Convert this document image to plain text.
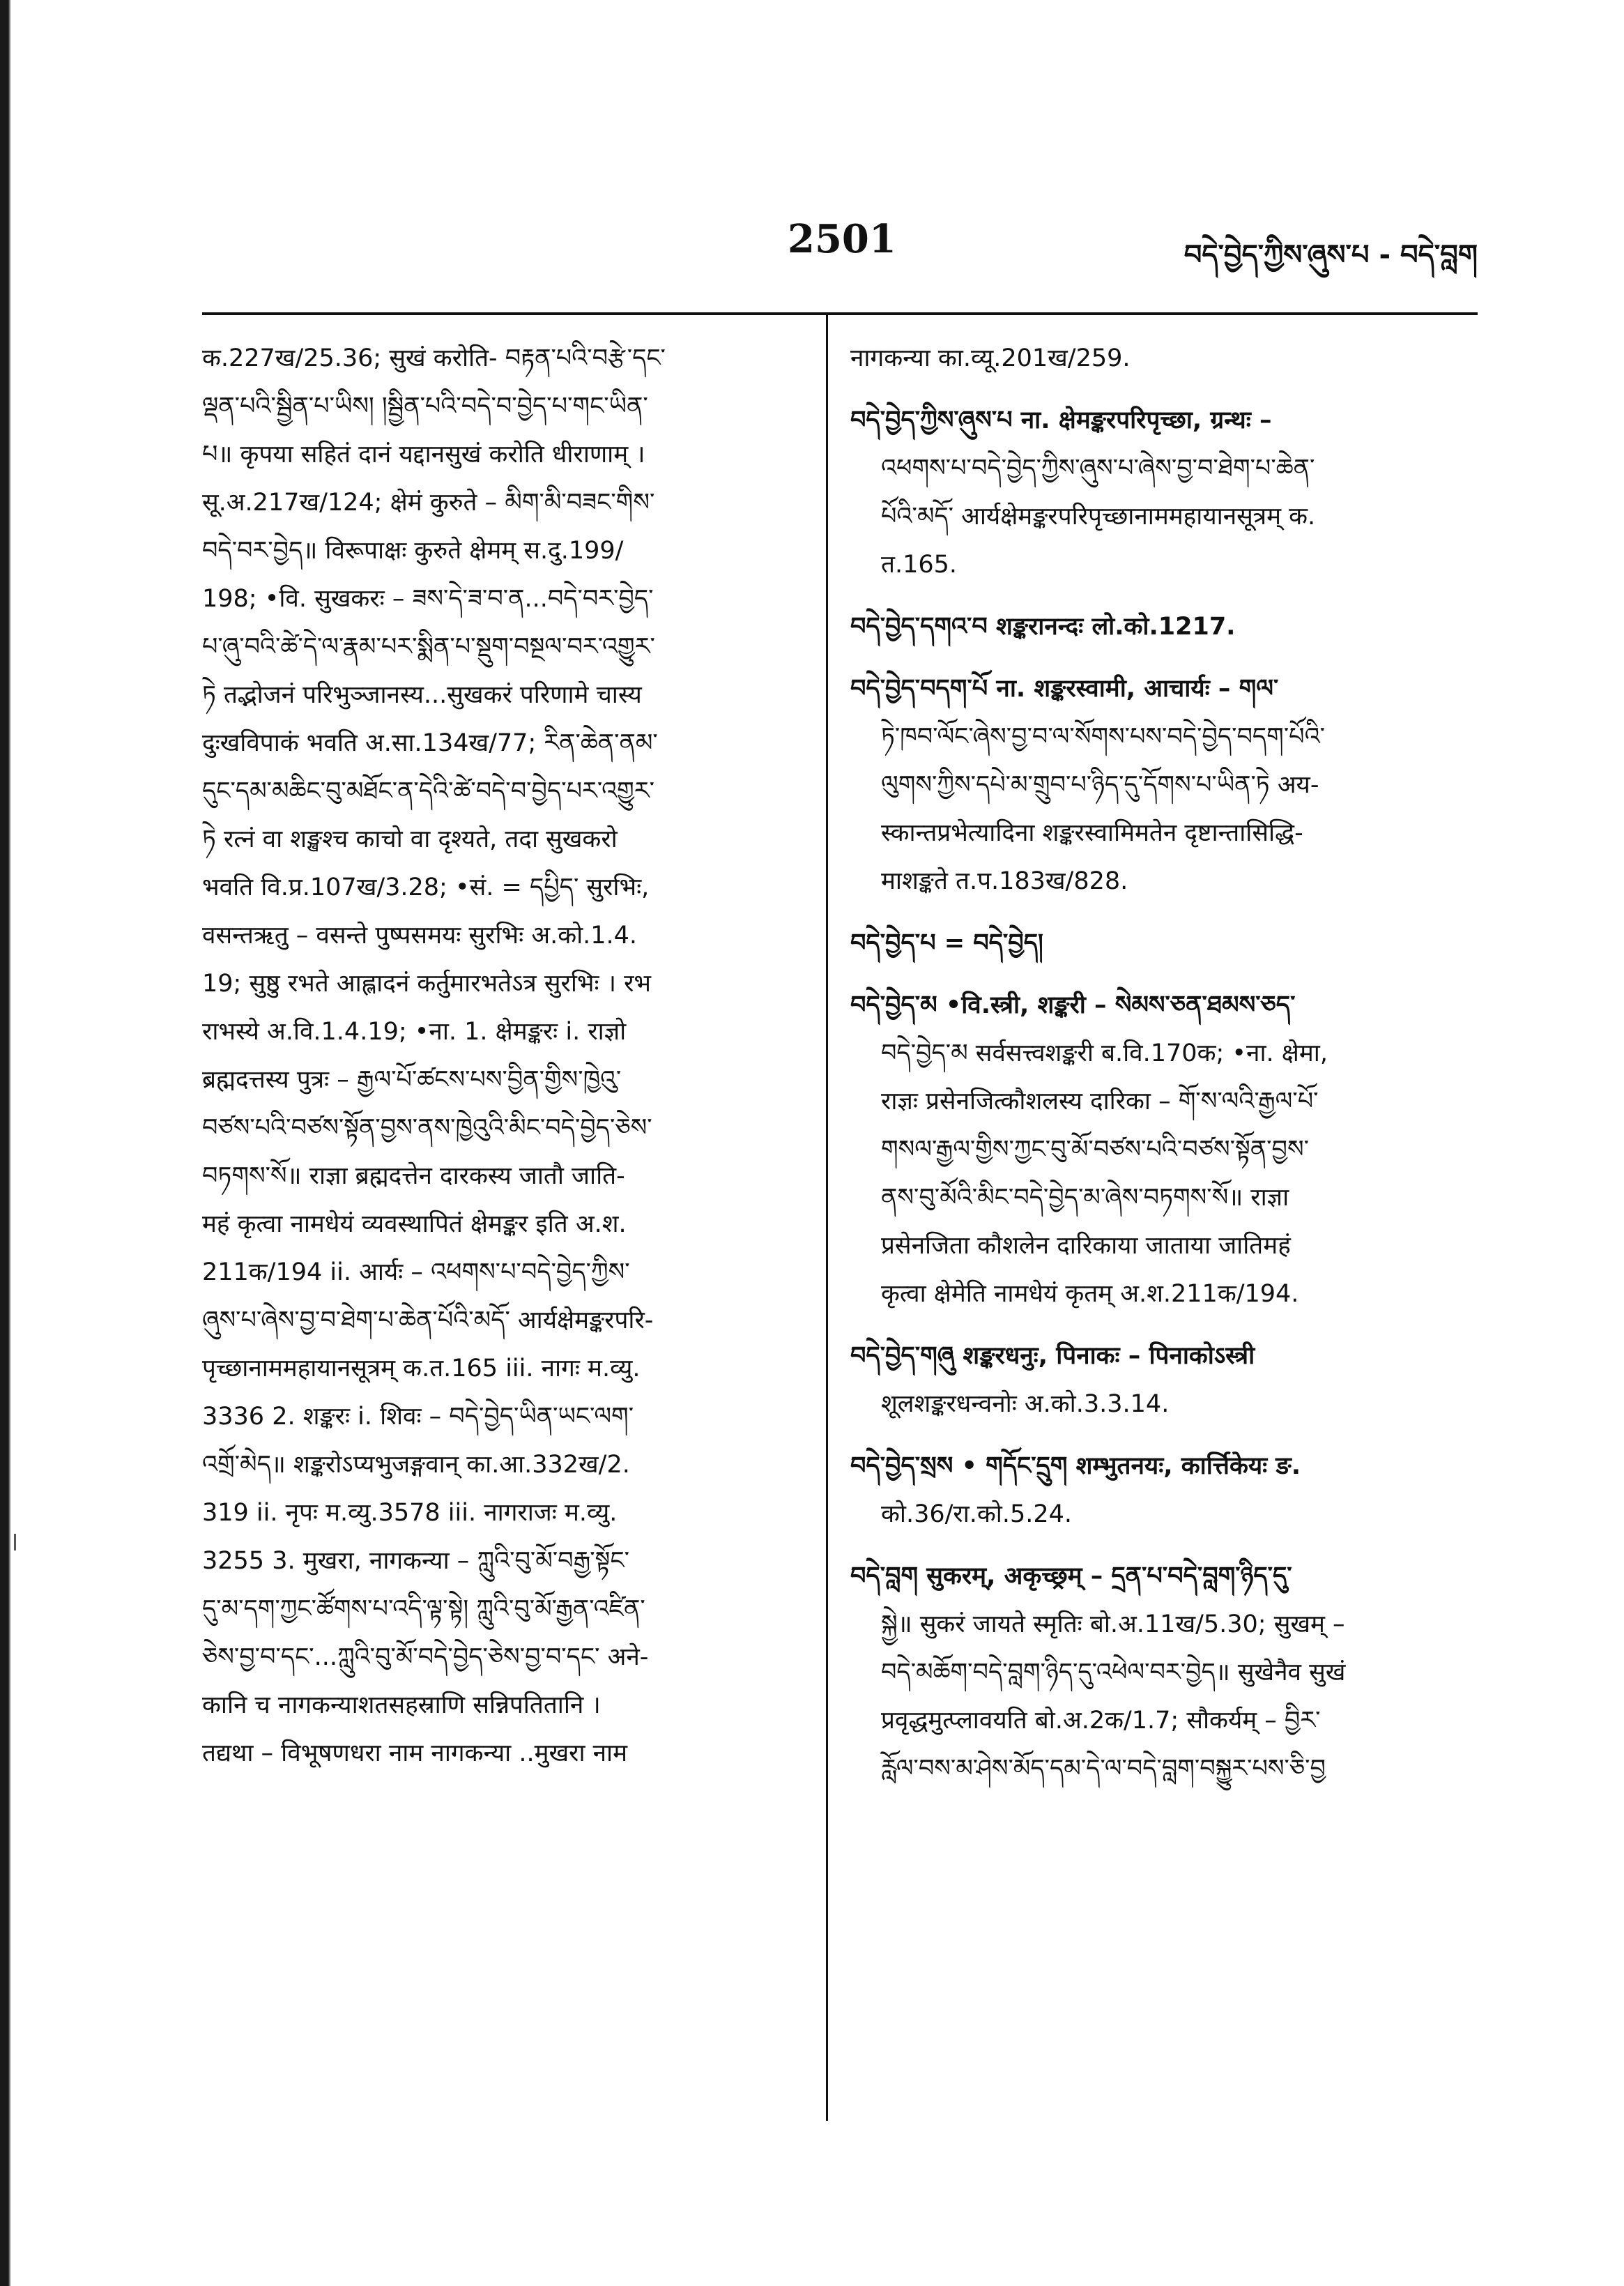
2501	བདེ་བྱེད་ཀྱིས་ཞུས་པ - བདེ་བླག
क.227ख/25.36; सुखं करोति- བརྟན་པའི་བརྩེ་དང་
ལྡན་པའི་སྦྱིན་པ་ཡིས། །སྦྱིན་པའི་བདེ་བ་བྱེད་པ་གང་ཡིན་
པ॥ कृपया सहितं दानं यद्दानसुखं करोति धीराणाम् ।
सू.अ.217ख/124; क्षेमं कुरुते – མིག་མི་བཟང་གིས་
བདེ་བར་བྱེད॥ विरूपाक्षः कुरुते क्षेमम् स.दु.199/
198; •वि. सुखकरः – ཟས་དེ་ཟ་བ་ན...བདེ་བར་བྱེད་
པ་ཞུ་བའི་ཚེ་དེ་ལ་རྣམ་པར་སྨིན་པ་སྡུག་བསྔལ་བར་འགྱུར་
ཏེ तद्भोजनं परिभुञ्जानस्य...सुखकरं परिणामे चास्य
दुःखविपाकं भवति अ.सा.134ख/77; རིན་ཆེན་ནམ་
དུང་དམ་མཆིང་བུ་མཐོང་ན་དེའི་ཚེ་བདེ་བ་བྱེད་པར་འགྱུར་
ཏེ रत्नं वा शङ्खश्च काचो वा दृश्यते, तदा सुखकरो
भवति वि.प्र.107ख/3.28; •सं. = དཔྱིད་ सुरभिः,
वसन्तऋतु – वसन्ते पुष्पसमयः सुरभिः अ.को.1.4.
19; सुष्ठु रभते आह्लादनं कर्तुमारभतेऽत्र सुरभिः । रभ
राभस्ये अ.वि.1.4.19; •ना. 1. क्षेमङ्करः i. राज्ञो
ब्रह्मदत्तस्य पुत्रः – རྒྱལ་པོ་ཚངས་པས་བྱིན་གྱིས་ཁྱེའུ་
བཙས་པའི་བཙས་སྟོན་བྱས་ནས་ཁྱེའུའི་མིང་བདེ་བྱེད་ཅེས་
བཏགས་སོ॥ राज्ञा ब्रह्मदत्तेन दारकस्य जातौ जाति-
महं कृत्वा नामधेयं व्यवस्थापितं क्षेमङ्कर इति अ.श.
211क/194 ii. आर्यः – འཕགས་པ་བདེ་བྱེད་ཀྱིས་
ཞུས་པ་ཞེས་བྱ་བ་ཐེག་པ་ཆེན་པོའི་མདོ་ आर्यक्षेमङ्करपरि-
पृच्छानाममहायानसूत्रम् क.त.165 iii. नागः म.व्यु.
3336 2. शङ्करः i. शिवः – བདེ་བྱེད་ཡིན་ཡང་ལག་
འགྲོ་མེད॥ शङ्करोऽप्यभुजङ्गवान् का.आ.332ख/2.
319 ii. नृपः म.व्यु.3578 iii. नागराजः म.व्यु.
3255 3. मुखरा, नागकन्या – ཀླུའི་བུ་མོ་བརྒྱ་སྟོང་
དུ་མ་དག་ཀྱང་ཚོགས་པ་འདི་ལྟ་སྟེ། ཀླུའི་བུ་མོ་རྒྱན་འཛིན་
ཅེས་བྱ་བ་དང་...ཀླུའི་བུ་མོ་བདེ་བྱེད་ཅེས་བྱ་བ་དང་ अने-
कानि च नागकन्याशतसहस्राणि सन्निपतितानि ।
तद्यथा – विभूषणधरा नाम नागकन्या ..मुखरा नाम
नागकन्या का.व्यू.201ख/259.
བདེ་བྱེད་ཀྱིས་ཞུས་པ ना. क्षेमङ्करपरिपृच्छा, ग्रन्थः –
འཕགས་པ་བདེ་བྱེད་ཀྱིས་ཞུས་པ་ཞེས་བྱ་བ་ཐེག་པ་ཆེན་
པོའི་མདོ་ आर्यक्षेमङ्करपरिपृच्छानाममहायानसूत्रम् क.
त.165.
བདེ་བྱེད་དགའ་བ शङ्करानन्दः लो.को.1217.
བདེ་བྱེད་བདག་པོ ना. शङ्करस्वामी, आचार्यः – གལ་
ཏེ་ཁབ་ལོང་ཞེས་བྱ་བ་ལ་སོགས་པས་བདེ་བྱེད་བདག་པོའི་
ལུགས་ཀྱིས་དཔེ་མ་གྲུབ་པ་ཉིད་དུ་དོགས་པ་ཡིན་ཏེ अय-
स्कान्तप्रभेत्यादिना शङ्करस्वामिमतेन दृष्टान्तासिद्धि-
माशङ्कते त.प.183ख/828.
བདེ་བྱེད་པ = བདེ་བྱེད།
བདེ་བྱེད་མ •वि.स्त्री, शङ्करी – སེམས་ཅན་ཐམས་ཅད་
བདེ་བྱེད་མ सर्वसत्त्वशङ्करी ब.वि.170क; •ना. क्षेमा,
राज्ञः प्रसेनजित्कौशलस्य दारिका – གོ་ས་ལའི་རྒྱལ་པོ་
གསལ་རྒྱལ་གྱིས་ཀྱང་བུ་མོ་བཙས་པའི་བཙས་སྟོན་བྱས་
ནས་བུ་མོའི་མིང་བདེ་བྱེད་མ་ཞེས་བཏགས་སོ॥ राज्ञा
प्रसेनजिता कौशलेन दारिकाया जाताया जातिमहं
कृत्वा क्षेमेति नामधेयं कृतम् अ.श.211क/194.
བདེ་བྱེད་གཞུ शङ्करधनुः, पिनाकः – पिनाकोऽस्त्री
शूलशङ्करधन्वनोः अ.को.3.3.14.
བདེ་བྱེད་སྲས • གདོང་དྲུག शम्भुतनयः, कार्त्तिकेयः ङ.
को.36/रा.को.5.24.
བདེ་བླག सुकरम्, अकृच्छ्रम् – དྲན་པ་བདེ་བླག་ཉིད་དུ་
སྐྱེ॥ सुकरं जायते स्मृतिः बो.अ.11ख/5.30; सुखम् –
བདེ་མཆོག་བདེ་བླག་ཉིད་དུ་འཕེལ་བར་བྱེད॥ सुखेनैव सुखं
प्रवृद्धमुत्प्लावयति बो.अ.2क/1.7; सौकर्यम् – བྱིར་
རློལ་བས་མ་ཤེས་མོད་དམ་དེ་ལ་བདེ་བླག་བསྐྱུར་པས་ཅི་བྱ
